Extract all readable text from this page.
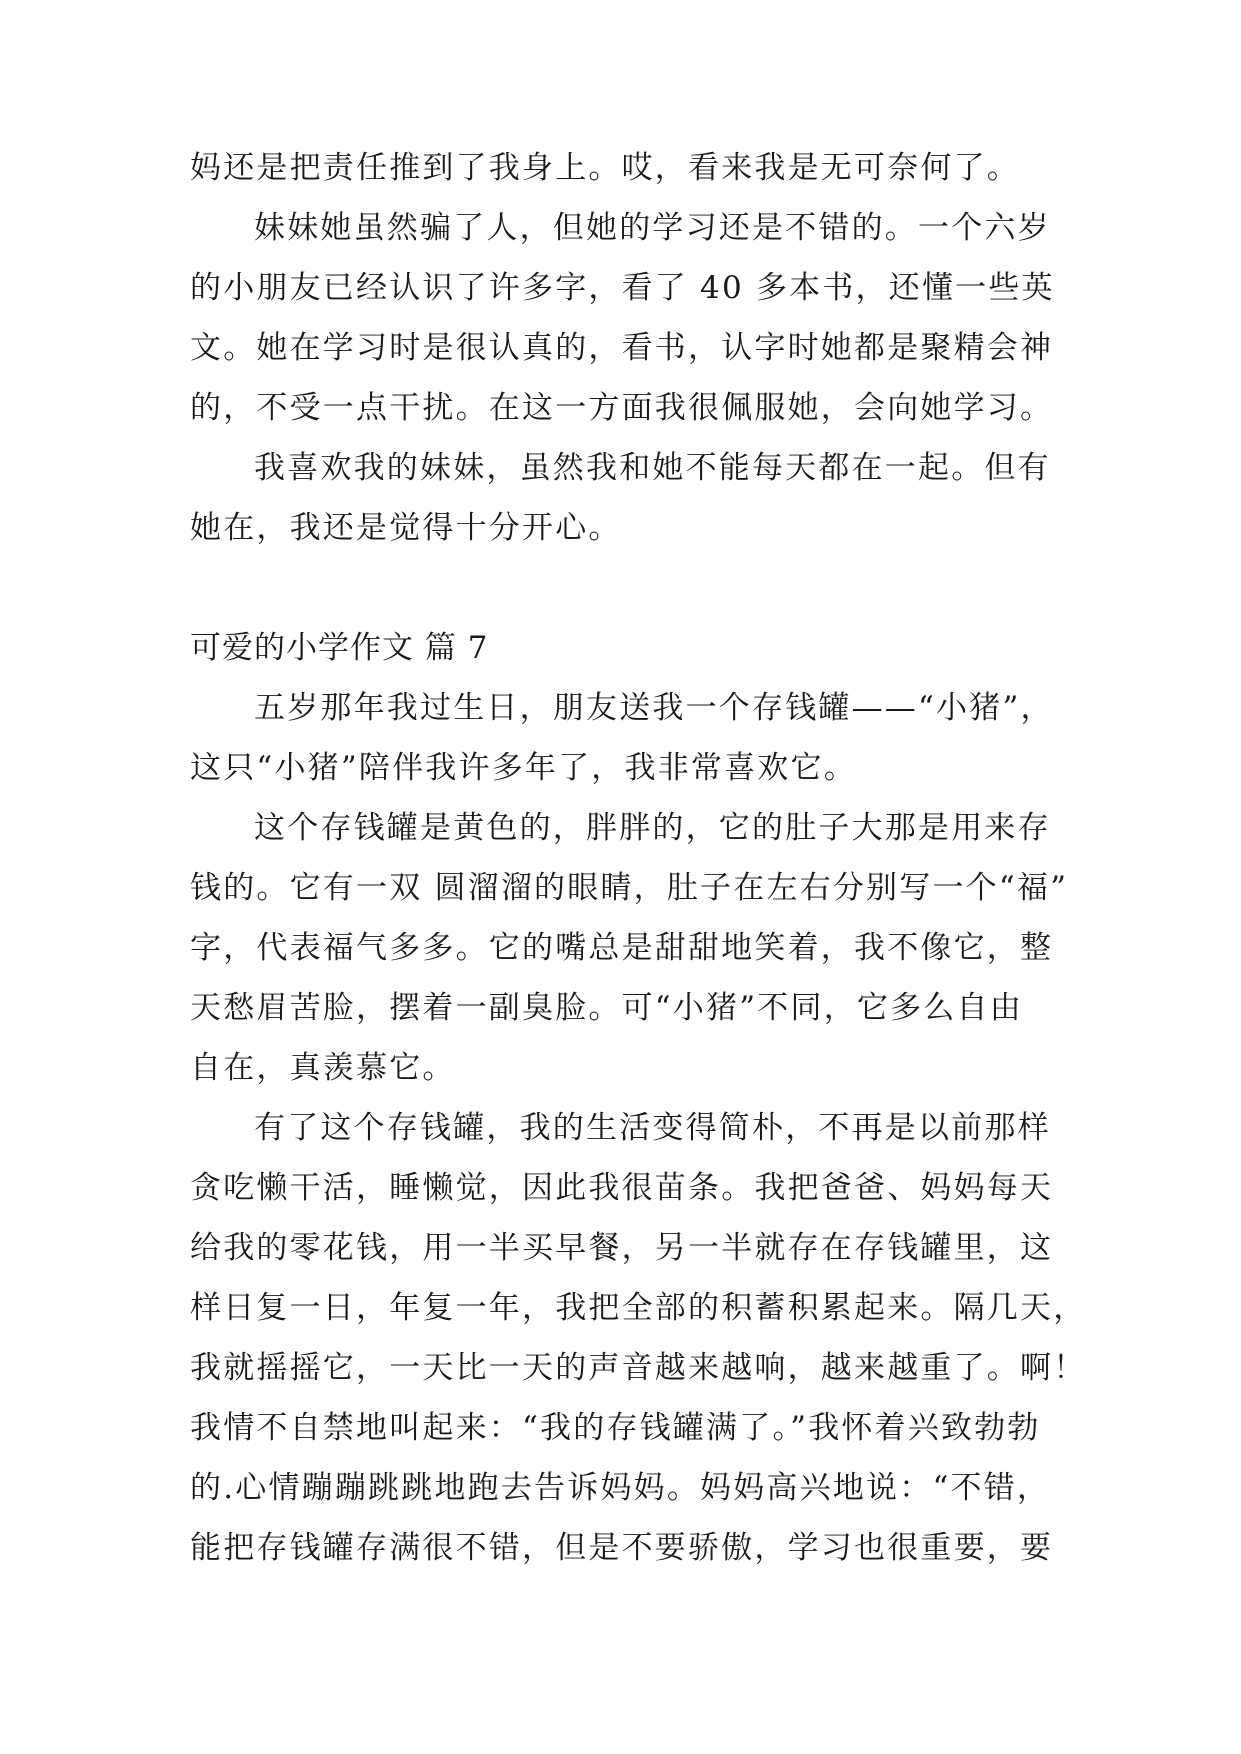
妈还是把责任推到了我身上。哎，看来我是无可奈何了。
妹妹她虽然骗了人，但她的学习还是不错的。一个六岁
的小朋友已经认识了许多字，看了 40 多本书，还懂一些英
文。她在学习时是很认真的，看书，认字时她都是聚精会神
的，不受一点干扰。在这一方面我很佩服她，会向她学习。
我喜欢我的妹妹，虽然我和她不能每天都在一起。但有
她在，我还是觉得十分开心。
可爱的小学作文 篇 7
五岁那年我过生日，朋友送我一个存钱罐——“小猪”，
这只“小猪”陪伴我许多年了，我非常喜欢它。
这个存钱罐是黄色的，胖胖的，它的肚子大那是用来存
钱的。它有一双 圆溜溜的眼睛，肚子在左右分别写一个“福”
字，代表福气多多。它的嘴总是甜甜地笑着，我不像它，整
天愁眉苦脸，摆着一副臭脸。可“小猪”不同，它多么自由
自在，真羡慕它。
有了这个存钱罐，我的生活变得简朴，不再是以前那样
贪吃懒干活，睡懒觉，因此我很苗条。我把爸爸、妈妈每天
给我的零花钱，用一半买早餐，另一半就存在存钱罐里，这
样日复一日，年复一年，我把全部的积蓄积累起来。隔几天，
我就摇摇它，一天比一天的声音越来越响，越来越重了。啊！
我情不自禁地叫起来：“我的存钱罐满了。”我怀着兴致勃勃
的.心情蹦蹦跳跳地跑去告诉妈妈。妈妈高兴地说：“不错，
能把存钱罐存满很不错，但是不要骄傲，学习也很重要，要
